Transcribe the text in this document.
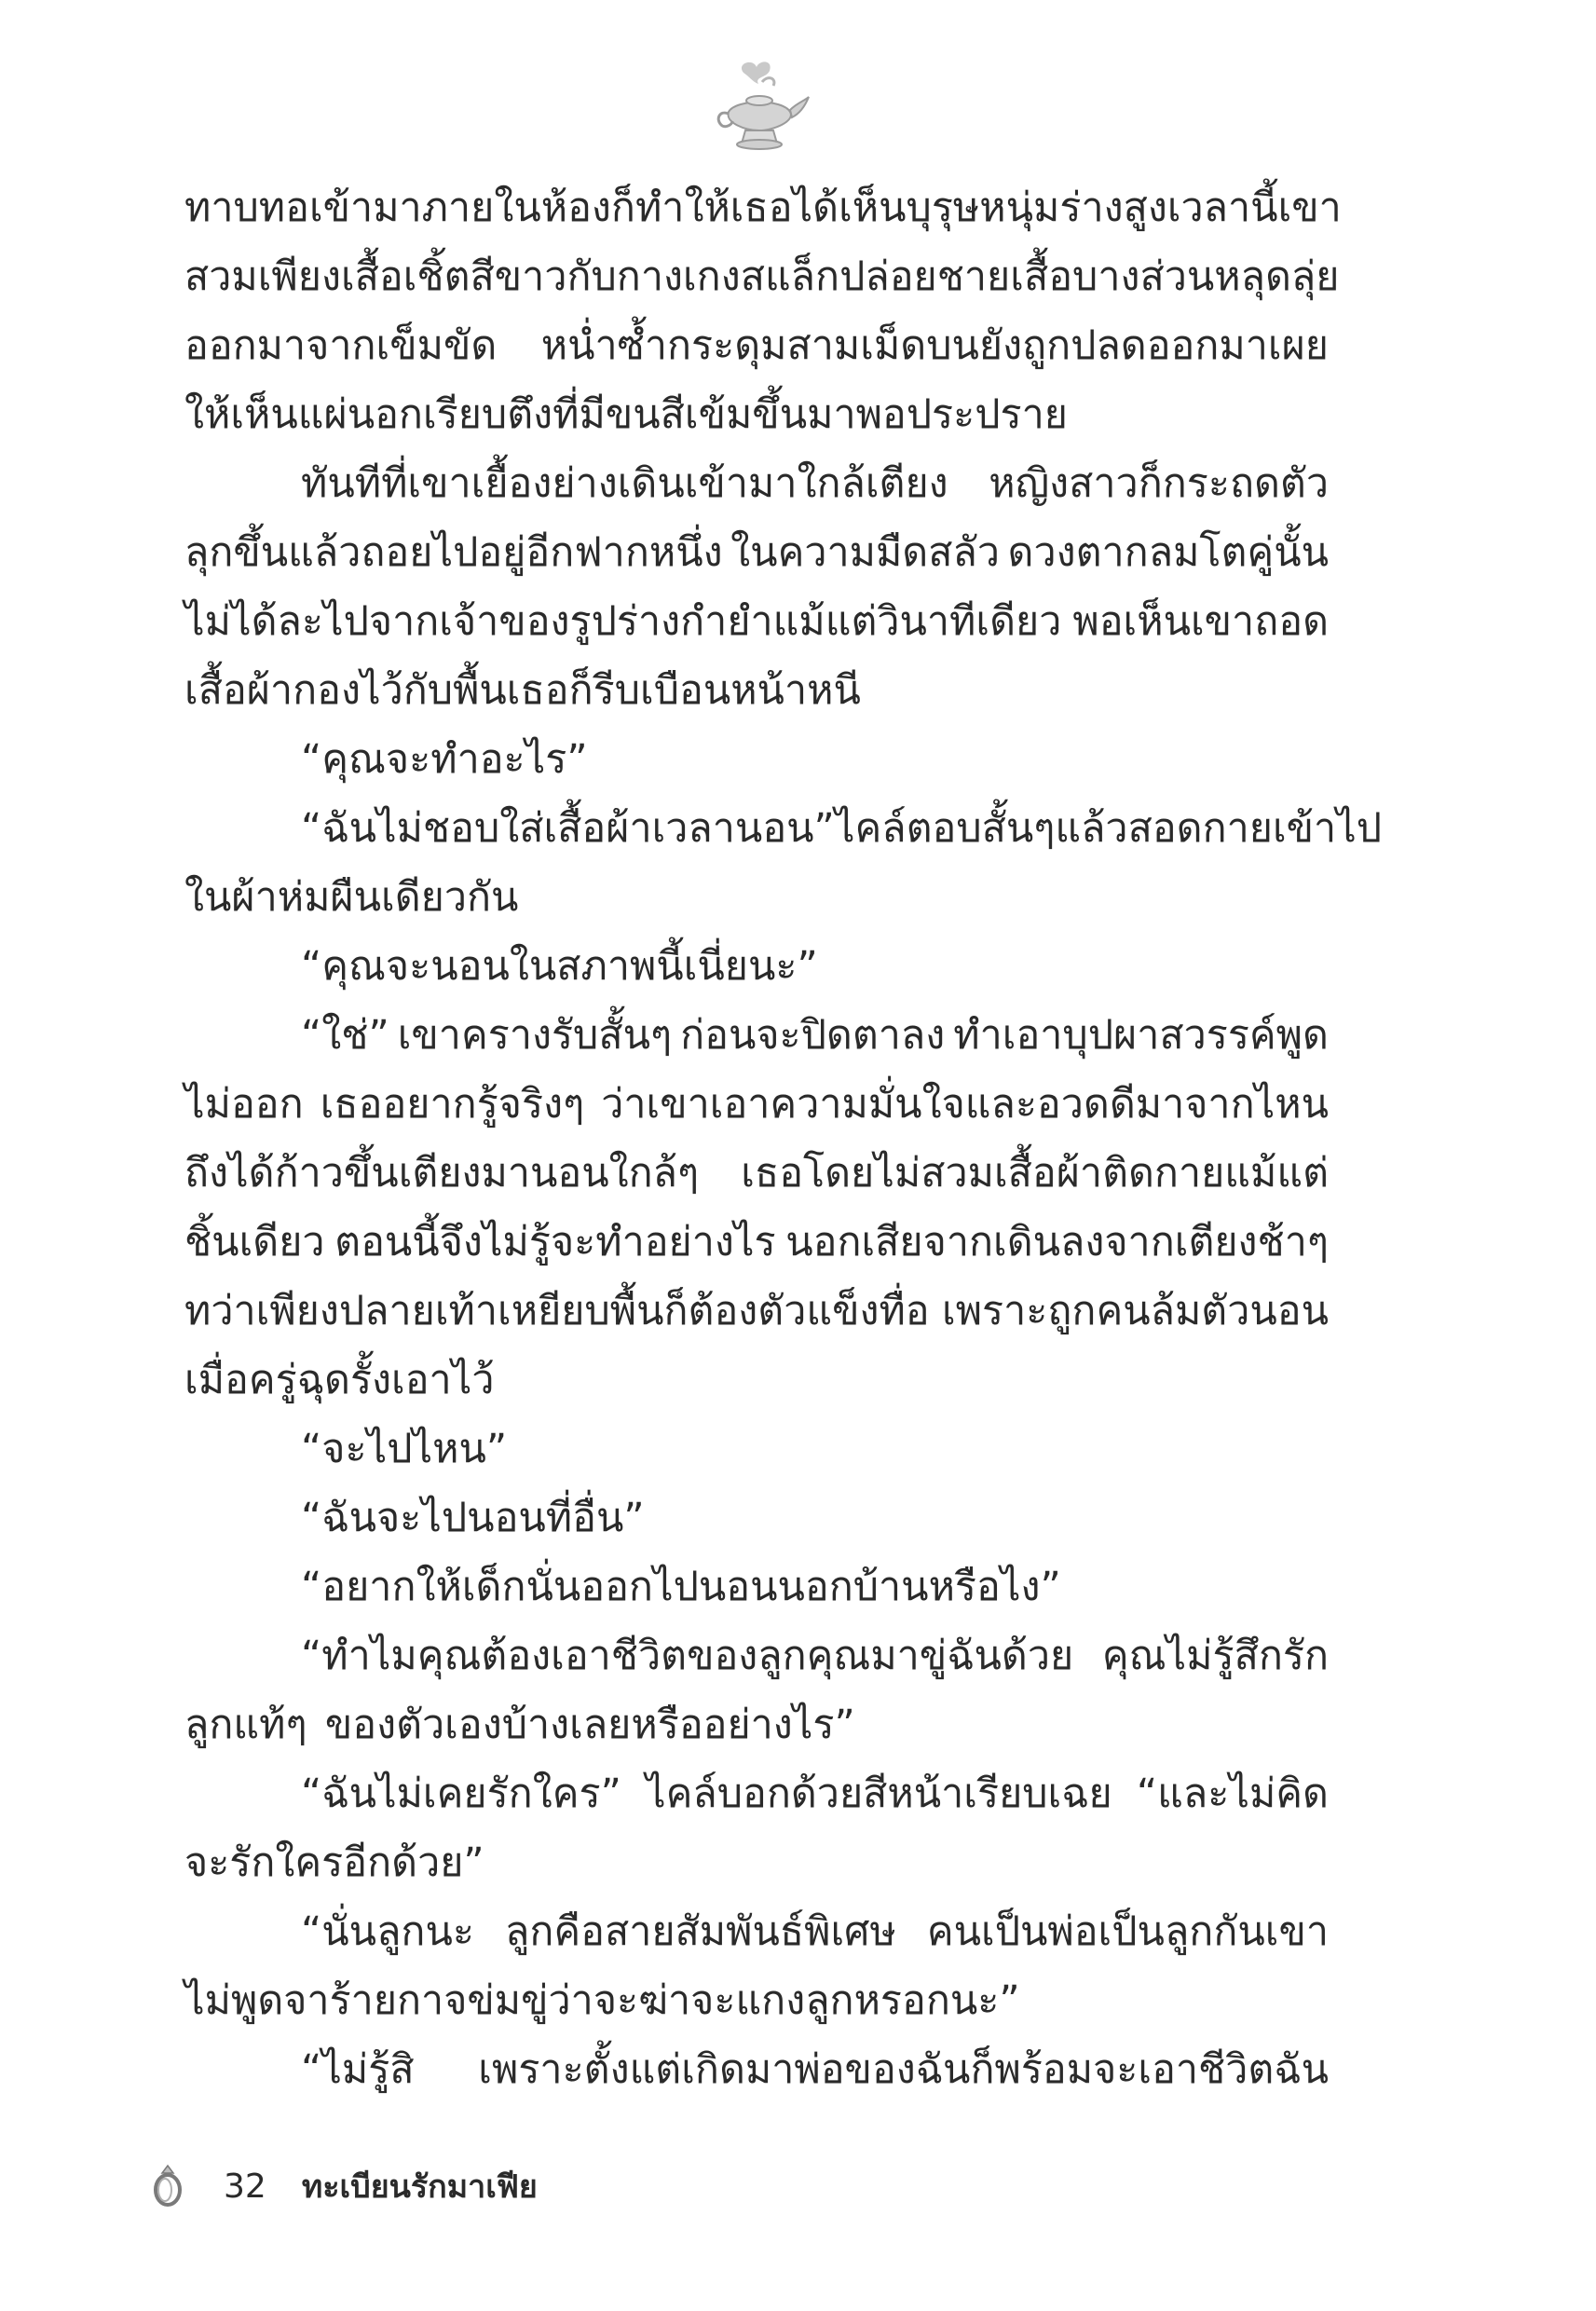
ทาบทอเข้ามาภายในห้องก็ทำให้เธอได้เห็นบุรุษหนุ่มร่างสูง เวลานี้เขา
สวมเพียงเสื้อเชิ้ตสีขาวกับกางเกงสแล็ก ปล่อยชายเสื้อบางส่วนหลุดลุ่ย
ออกมาจากเข็มขัด หน่ำซ้ำกระดุมสามเม็ดบนยังถูกปลดออกมาเผย
ให้เห็นแผ่นอกเรียบตึงที่มีขนสีเข้มขึ้นมาพอประปราย
ทันทีที่เขาเยื้องย่างเดินเข้ามาใกล้เตียง หญิงสาวก็กระถดตัว
ลุกขึ้นแล้วถอยไปอยู่อีกฟากหนึ่ง ในความมืดสลัว ดวงตากลมโตคู่นั้น
ไม่ได้ละไปจากเจ้าของรูปร่างกำยำแม้แต่วินาทีเดียว พอเห็นเขาถอด
เสื้อผ้ากองไว้กับพื้นเธอก็รีบเบือนหน้าหนี
“คุณจะทำอะไร”
“ฉันไม่ชอบใส่เสื้อผ้าเวลานอน” ไคล์ตอบสั้นๆ แล้วสอดกายเข้าไป
ในผ้าห่มผืนเดียวกัน
“คุณจะนอนในสภาพนี้เนี่ยนะ”
“ใช่” เขาครางรับสั้นๆ ก่อนจะปิดตาลง ทำเอาบุปผาสวรรค์พูด
ไม่ออก เธออยากรู้จริงๆ ว่าเขาเอาความมั่นใจและอวดดีมาจากไหน
ถึงได้ก้าวขึ้นเตียงมานอนใกล้ๆ เธอโดยไม่สวมเสื้อผ้าติดกายแม้แต่
ชิ้นเดียว ตอนนี้จึงไม่รู้จะทำอย่างไร นอกเสียจากเดินลงจากเตียงช้าๆ
ทว่าเพียงปลายเท้าเหยียบพื้นก็ต้องตัวแข็งทื่อ เพราะถูกคนล้มตัวนอน
เมื่อครู่ฉุดรั้งเอาไว้
“จะไปไหน”
“ฉันจะไปนอนที่อื่น”
“อยากให้เด็กนั่นออกไปนอนนอกบ้านหรือไง”
“ทำไมคุณต้องเอาชีวิตของลูกคุณมาขู่ฉันด้วย คุณไม่รู้สึกรัก
ลูกแท้ๆ ของตัวเองบ้างเลยหรืออย่างไร”
“ฉันไม่เคยรักใคร” ไคล์บอกด้วยสีหน้าเรียบเฉย “และไม่คิด
จะรักใครอีกด้วย”
“นั่นลูกนะ ลูกคือสายสัมพันธ์พิเศษ คนเป็นพ่อเป็นลูกกันเขา
ไม่พูดจาร้ายกาจข่มขู่ว่าจะฆ่าจะแกงลูกหรอกนะ”
“ไม่รู้สิ เพราะตั้งแต่เกิดมาพ่อของฉันก็พร้อมจะเอาชีวิตฉัน
32 ทะเบียนรักมาเฟีย
